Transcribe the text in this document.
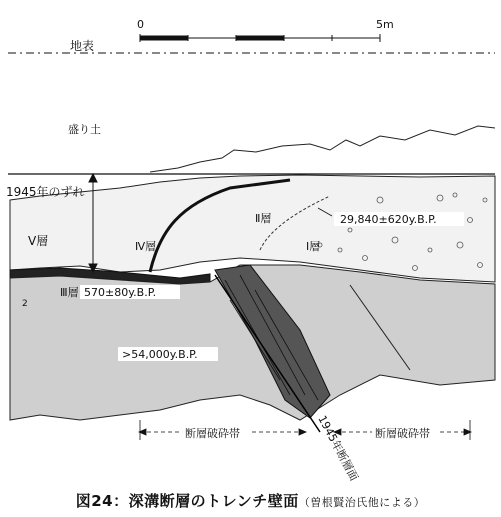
0	5m
地表
盛り土
1945年のずれ
Ⅴ層	Ⅳ層
Ⅱ層
Ⅰ層
Ⅲ層
2
29,840±620y.B.P.
570±80y.B.P.
>54,000y.B.P.
断層破砕帯	断層破砕帯
1945年断層面
図24：深溝断層のトレンチ壁面（曽根賢治氏他による）
